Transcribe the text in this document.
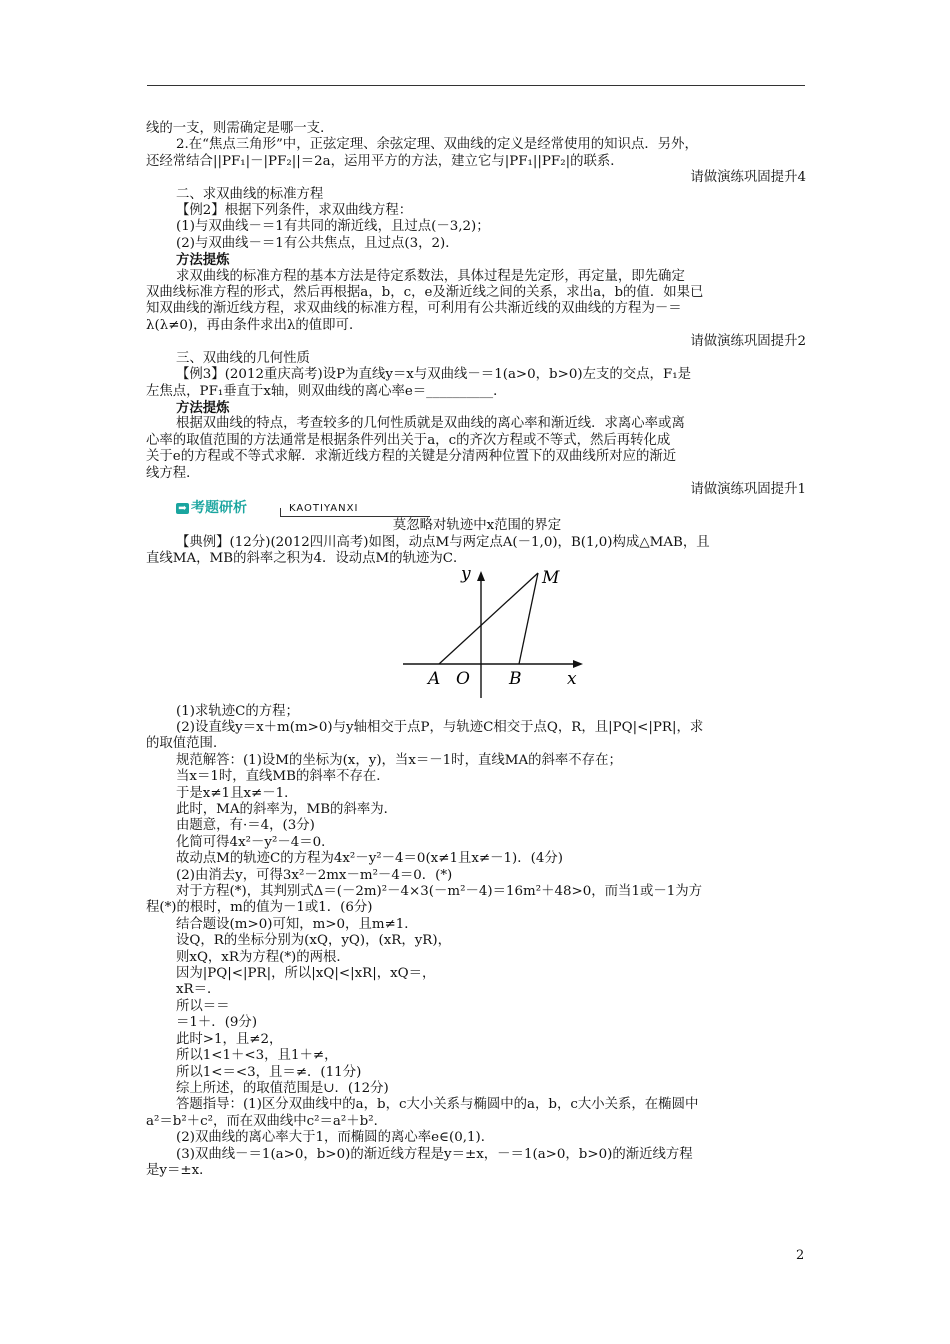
线的一支，则需确定是哪一支．
2.在“焦点三角形”中，正弦定理、余弦定理、双曲线的定义是经常使用的知识点．另外，
还经常结合||PF₁|－|PF₂||＝2a，运用平方的方法，建立它与|PF₁||PF₂|的联系．
请做演练巩固提升4
二、求双曲线的标准方程
【例2】根据下列条件，求双曲线方程：
(1)与双曲线－＝1有共同的渐近线，且过点(－3,2)；
(2)与双曲线－＝1有公共焦点，且过点(3，2)．
方法提炼
求双曲线的标准方程的基本方法是待定系数法，具体过程是先定形，再定量，即先确定
双曲线标准方程的形式，然后再根据a，b，c，e及渐近线之间的关系，求出a，b的值．如果已
知双曲线的渐近线方程，求双曲线的标准方程，可利用有公共渐近线的双曲线的方程为－＝
λ(λ≠0)，再由条件求出λ的值即可．
请做演练巩固提升2
三、双曲线的几何性质
【例3】(2012重庆高考)设P为直线y＝x与双曲线－＝1(a>0，b>0)左支的交点，F₁是
左焦点，PF₁垂直于x轴，则双曲线的离心率e＝__________．
方法提炼
根据双曲线的特点，考查较多的几何性质就是双曲线的离心率和渐近线．求离心率或离
心率的取值范围的方法通常是根据条件列出关于a，c的齐次方程或不等式，然后再转化成
关于e的方程或不等式求解．求渐近线方程的关键是分清两种位置下的双曲线所对应的渐近
线方程．
请做演练巩固提升1
➡ 考题研析	KAOTIYANXI
莫忽略对轨迹中x范围的界定
【典例】(12分)(2012四川高考)如图，动点M与两定点A(－1,0)，B(1,0)构成△MAB，且
直线MA，MB的斜率之积为4．设动点M的轨迹为C．
y	M
A O B	x
(1)求轨迹C的方程；
(2)设直线y＝x＋m(m>0)与y轴相交于点P，与轨迹C相交于点Q，R，且|PQ|<|PR|，求
的取值范围．
规范解答：(1)设M的坐标为(x，y)，当x＝－1时，直线MA的斜率不存在；
当x＝1时，直线MB的斜率不存在．
于是x≠1且x≠－1．
此时，MA的斜率为，MB的斜率为．
由题意，有·＝4，(3分)
化简可得4x²－y²－4＝0．
故动点M的轨迹C的方程为4x²－y²－4＝0(x≠1且x≠－1)．(4分)
(2)由消去y，可得3x²－2mx－m²－4＝0．(*)
对于方程(*)，其判别式Δ＝(－2m)²－4×3(－m²－4)＝16m²＋48>0，而当1或－1为方
程(*)的根时，m的值为－1或1．(6分)
结合题设(m>0)可知，m>0，且m≠1．
设Q，R的坐标分别为(xQ，yQ)，(xR，yR)，
则xQ，xR为方程(*)的两根．
因为|PQ|<|PR|，所以|xQ|<|xR|，xQ＝，
xR＝．
所以＝＝
＝1＋．(9分)
此时>1，且≠2，
所以1<1＋<3，且1＋≠，
所以1<＝<3，且＝≠．(11分)
综上所述，的取值范围是∪．(12分)
答题指导：(1)区分双曲线中的a，b，c大小关系与椭圆中的a，b，c大小关系，在椭圆中
a²＝b²＋c²，而在双曲线中c²＝a²＋b²．
(2)双曲线的离心率大于1，而椭圆的离心率e∈(0,1)．
(3)双曲线－＝1(a>0，b>0)的渐近线方程是y＝±x，－＝1(a>0，b>0)的渐近线方程
是y＝±x．
2
